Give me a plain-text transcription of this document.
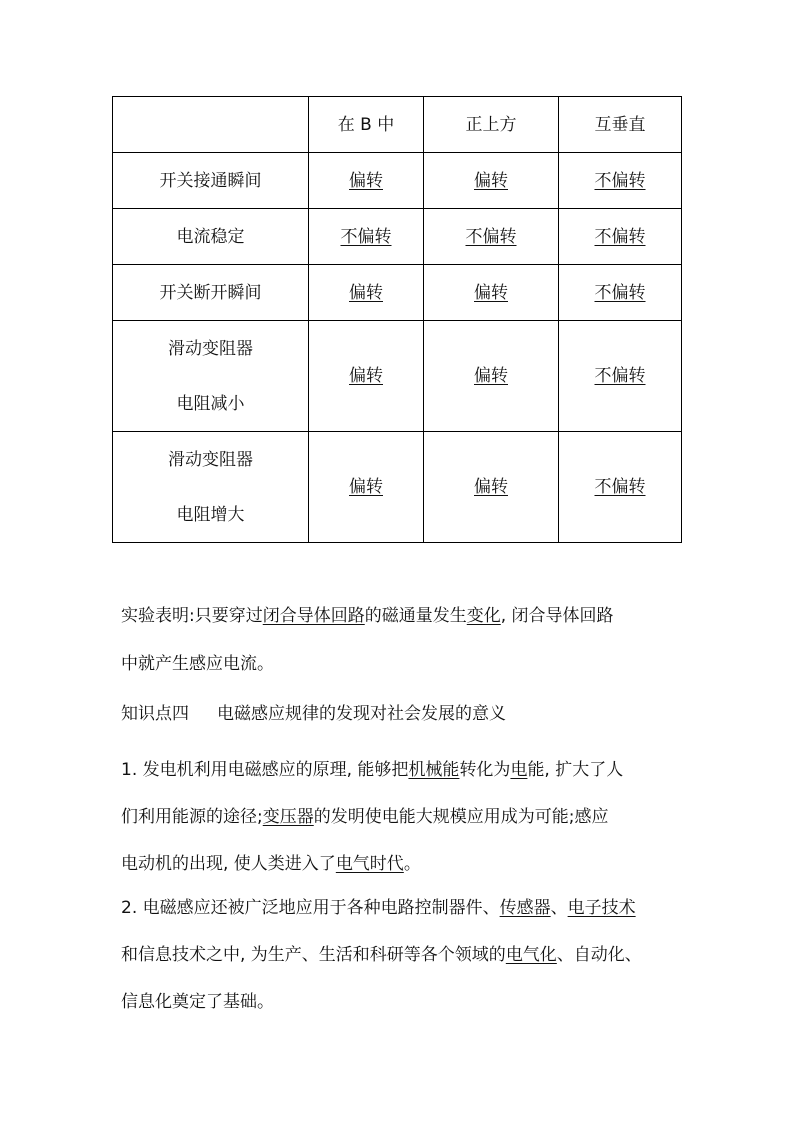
	在 B 中	正上方	互垂直
开关接通瞬间	偏转	偏转	不偏转
电流稳定	不偏转	不偏转	不偏转
开关断开瞬间	偏转	偏转	不偏转

滑动变阻器
电阻减小	偏转	偏转	不偏转

滑动变阻器
电阻增大	偏转	偏转	不偏转
实验表明:只要穿过闭合导体回路的磁通量发生变化, 闭合导体回路
中就产生感应电流。
知识点四 电磁感应规律的发现对社会发展的意义
1. 发电机利用电磁感应的原理, 能够把机械能转化为电能, 扩大了人
们利用能源的途径;变压器的发明使电能大规模应用成为可能;感应
电动机的出现, 使人类进入了电气时代。
2. 电磁感应还被广泛地应用于各种电路控制器件、传感器、电子技术
和信息技术之中, 为生产、生活和科研等各个领域的电气化、自动化、
信息化奠定了基础。
